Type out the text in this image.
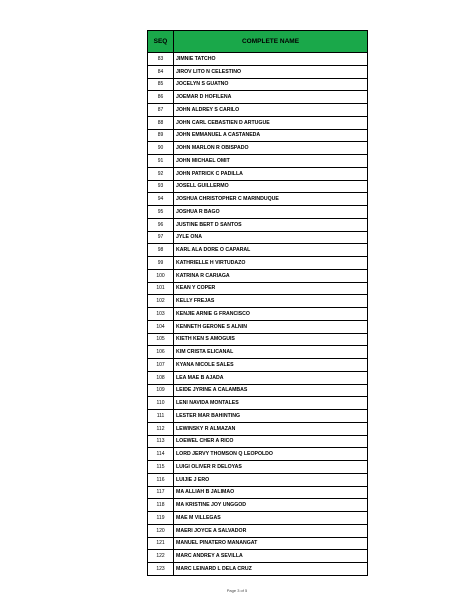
SEQ	COMPLETE NAME
83	JIMNIE TATCHO
84	JIROV LITO N CELESTINO
85	JOCELYN S GUATNO
86	JOEMAR D HOFILENA
87	JOHN ALDREY S CARILO
88	JOHN CARL CEBASTIEN D ARTUGUE
89	JOHN EMMANUEL A CASTANEDA
90	JOHN MARLON R OBISPADO
91	JOHN MICHAEL OMIT
92	JOHN PATRICK C PADILLA
93	JOSELL GUILLERMO
94	JOSHUA CHRISTOPHER C MARINDUQUE
95	JOSHUA R BAGO
96	JUSTINE BERT D SANTOS
97	JYLE ONA
98	KARL ALA DORE O CAPARAL
99	KATHRIELLE H VIRTUDAZO
100	KATRINA R CARIAGA
101	KEAN Y COPER
102	KELLY FREJAS
103	KENJIE ARNIE G FRANCISCO
104	KENNETH GERONE S ALNIN
105	KIETH KEN S AMOGUIS
106	KIM CRISTA ELICANAL
107	KYANA NICOLE SALES
108	LEA MAE B AJADA
109	LEIDE JYRINE A CALAMBAS
110	LENI NAVIDA MONTALES
111	LESTER MAR BAHINTING
112	LEWINSKY R ALMAZAN
113	LOEWEL CHER A RICO
114	LORD JERVY THOMSON Q LEOPOLDO
115	LUIGI OLIVER R DELOYAS
116	LUIJIE J ERO
117	MA ALLIAH B JALIMAO
118	MA KRISTINE JOY UNGGOD
119	MAE M VILLEGAS
120	MAERI JOYCE A SALVADOR
121	MANUEL PINATERO MANANGAT
122	MARC ANDREY A SEVILLA
123	MARC LEINARD L DELA CRUZ
Page 3 of 5
